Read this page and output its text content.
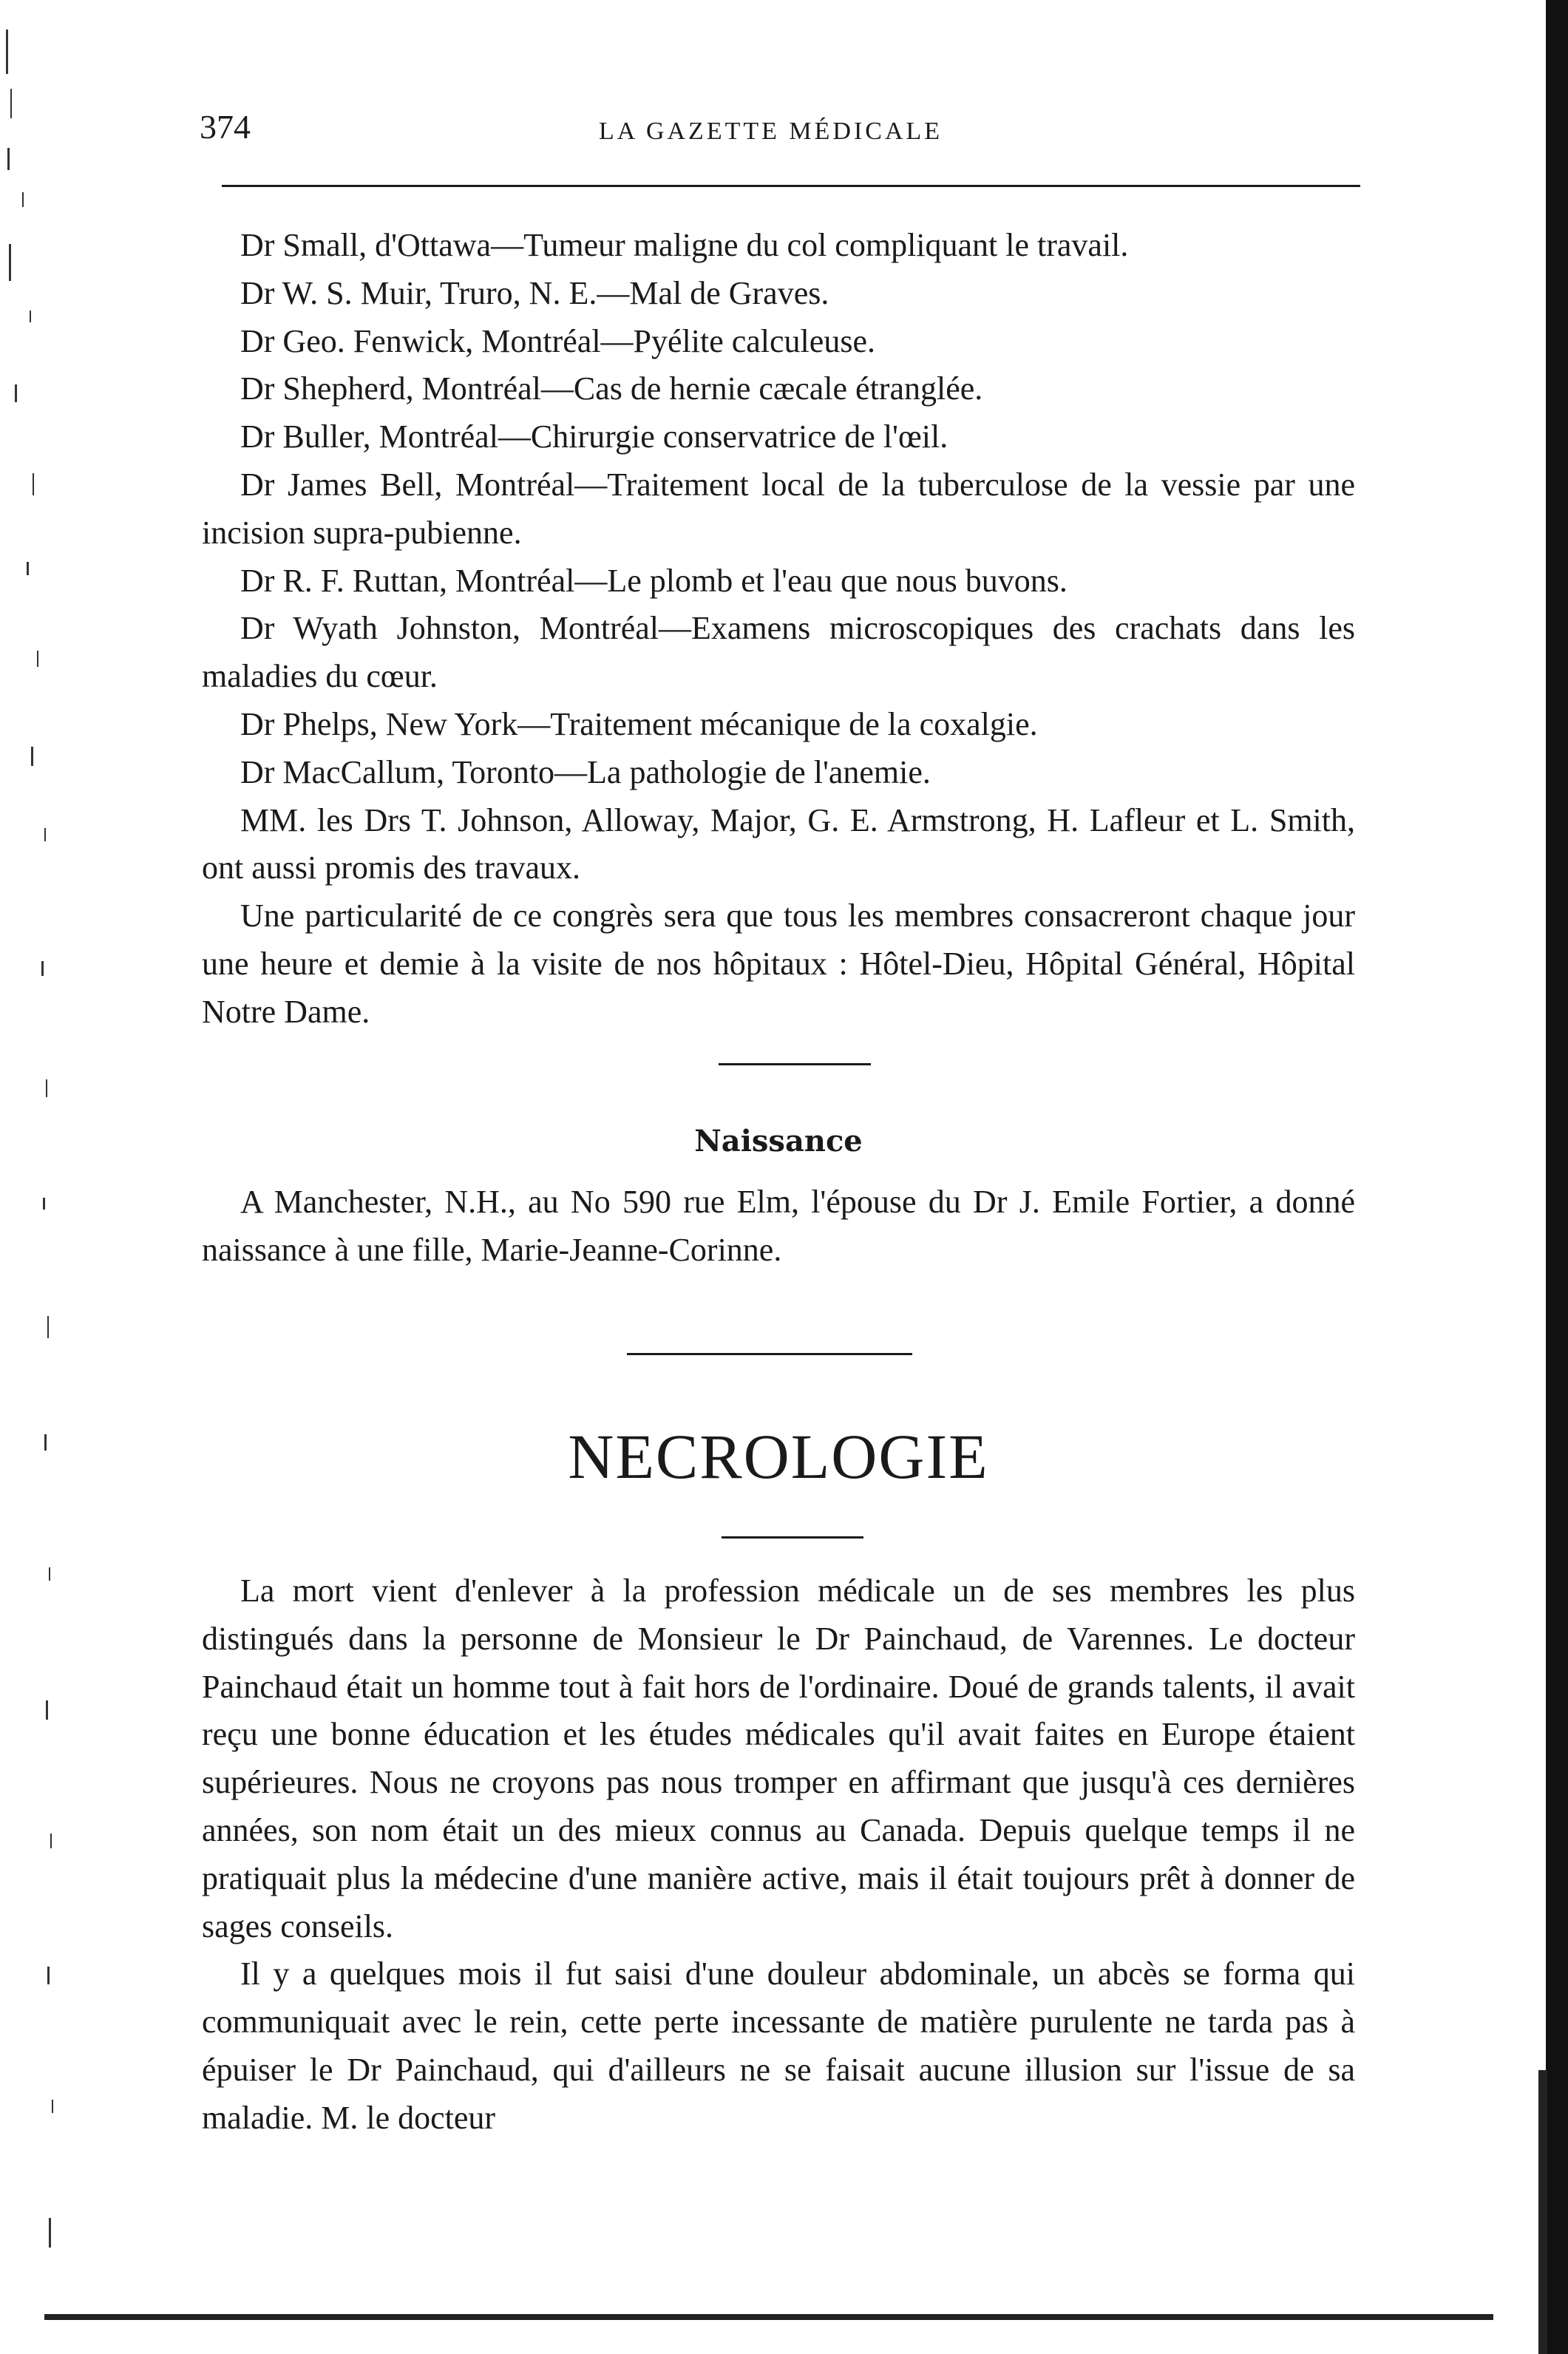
374	LA GAZETTE MÉDICALE

Dr Small, d'Ottawa—Tumeur maligne du col compliquant le travail.

Dr W. S. Muir, Truro, N. E.—Mal de Graves.

Dr Geo. Fenwick, Montréal—Pyélite calculeuse.

Dr Shepherd, Montréal—Cas de hernie cæcale étranglée.

Dr Buller, Montréal—Chirurgie conservatrice de l'œil.

Dr James Bell, Montréal—Traitement local de la tuberculose de la vessie par une incision supra-pubienne.

Dr R. F. Ruttan, Montréal—Le plomb et l'eau que nous buvons.

Dr Wyath Johnston, Montréal—Examens microscopiques des crachats dans les maladies du cœur.

Dr Phelps, New York—Traitement mécanique de la coxalgie.

Dr MacCallum, Toronto—La pathologie de l'anemie.

MM. les Drs T. Johnson, Alloway, Major, G. E. Armstrong, H. Lafleur et L. Smith, ont aussi promis des travaux.

Une particularité de ce congrès sera que tous les membres consacreront chaque jour une heure et demie à la visite de nos hôpitaux : Hôtel-Dieu, Hôpital Général, Hôpital Notre Dame.

Naissance

A Manchester, N.H., au No 590 rue Elm, l'épouse du Dr J. Emile Fortier, a donné naissance à une fille, Marie-Jeanne-Corinne.

NECROLOGIE

La mort vient d'enlever à la profession médicale un de ses membres les plus distingués dans la personne de Monsieur le Dr Painchaud, de Varennes. Le docteur Painchaud était un homme tout à fait hors de l'ordinaire. Doué de grands talents, il avait reçu une bonne éducation et les études médicales qu'il avait faites en Europe étaient supérieures. Nous ne croyons pas nous tromper en affirmant que jusqu'à ces dernières années, son nom était un des mieux connus au Canada. Depuis quelque temps il ne pratiquait plus la médecine d'une manière active, mais il était toujours prêt à donner de sages conseils.

Il y a quelques mois il fut saisi d'une douleur abdominale, un abcès se forma qui communiquait avec le rein, cette perte incessante de matière purulente ne tarda pas à épuiser le Dr Painchaud, qui d'ailleurs ne se faisait aucune illusion sur l'issue de sa maladie. M. le docteur
